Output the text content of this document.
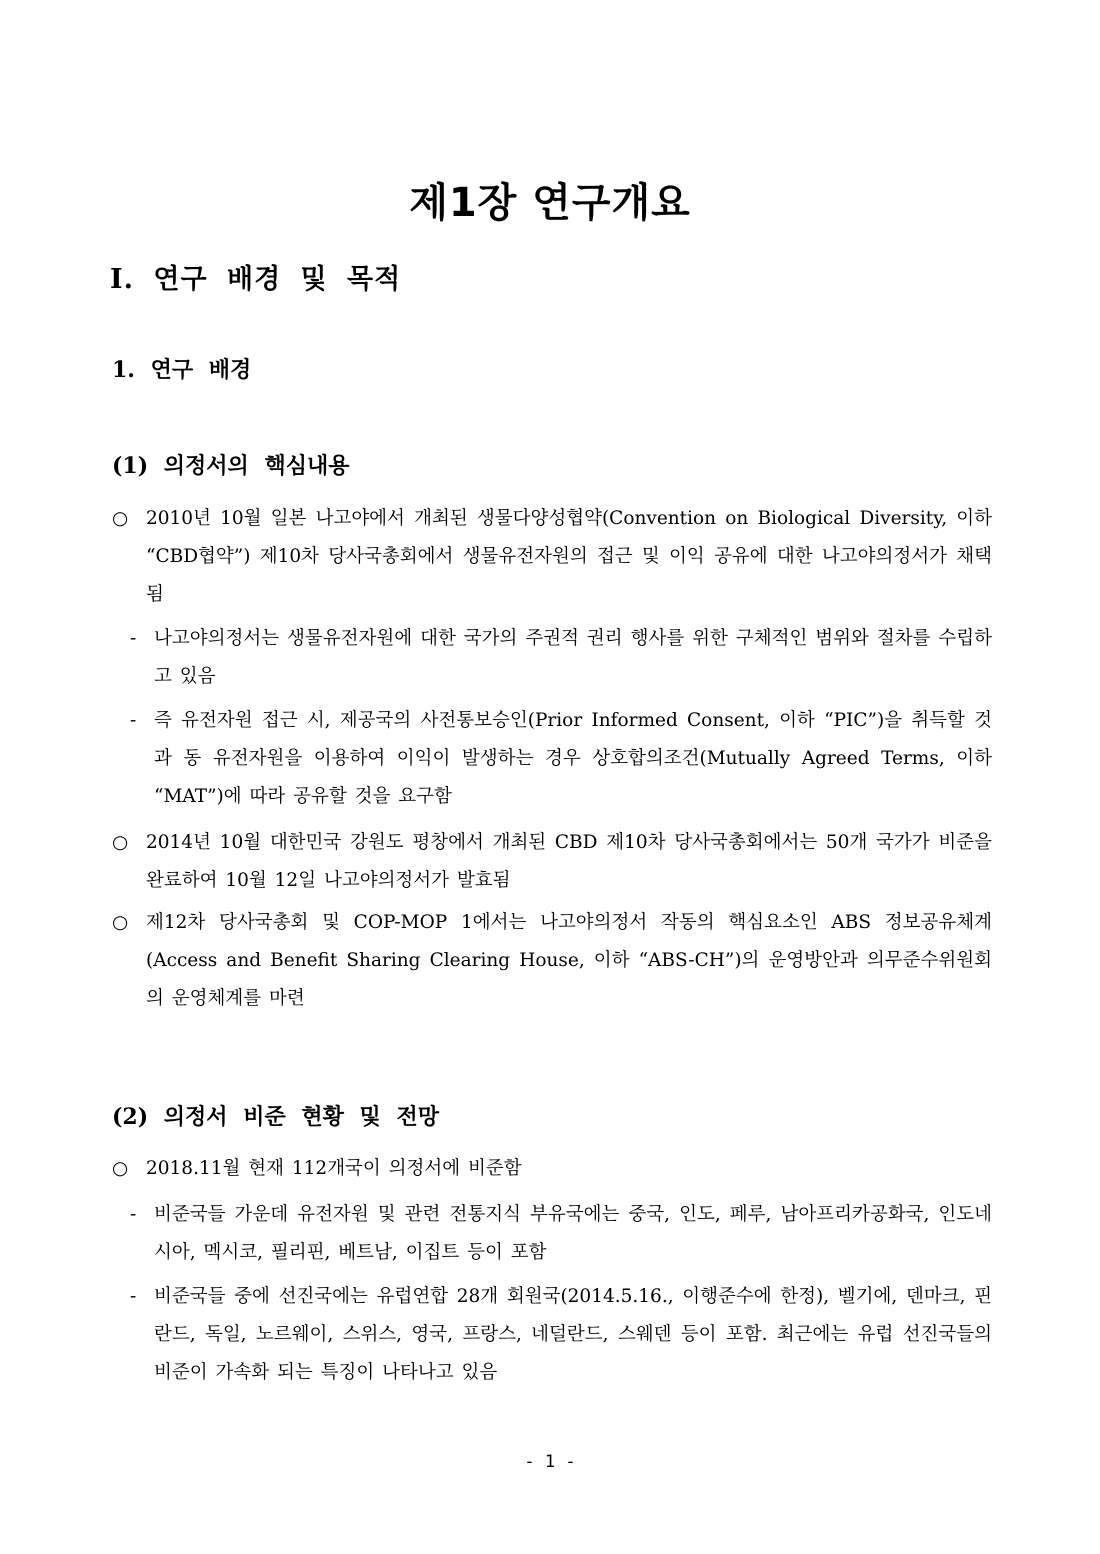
제1장 연구개요
I. 연구 배경 및 목적
1. 연구 배경
(1) 의정서의 핵심내용
○ 2010년 10월 일본 나고야에서 개최된 생물다양성협약(Convention on Biological Diversity, 이하 “CBD협약”) 제10차 당사국총회에서 생물유전자원의 접근 및 이익 공유에 대한 나고야의정서가 채택됨
- 나고야의정서는 생물유전자원에 대한 국가의 주권적 권리 행사를 위한 구체적인 범위와 절차를 수립하고 있음
- 즉 유전자원 접근 시, 제공국의 사전통보승인(Prior Informed Consent, 이하 “PIC”)을 취득할 것과 동 유전자원을 이용하여 이익이 발생하는 경우 상호합의조건(Mutually Agreed Terms, 이하 “MAT”)에 따라 공유할 것을 요구함
○ 2014년 10월 대한민국 강원도 평창에서 개최된 CBD 제10차 당사국총회에서는 50개 국가가 비준을 완료하여 10월 12일 나고야의정서가 발효됨
○ 제12차 당사국총회 및 COP-MOP 1에서는 나고야의정서 작동의 핵심요소인 ABS 정보공유체계(Access and Benefit Sharing Clearing House, 이하 “ABS-CH”)의 운영방안과 의무준수위원회의 운영체계를 마련
(2) 의정서 비준 현황 및 전망
○ 2018.11월 현재 112개국이 의정서에 비준함
- 비준국들 가운데 유전자원 및 관련 전통지식 부유국에는 중국, 인도, 페루, 남아프리카공화국, 인도네시아, 멕시코, 필리핀, 베트남, 이집트 등이 포함
- 비준국들 중에 선진국에는 유럽연합 28개 회원국(2014.5.16., 이행준수에 한정), 벨기에, 덴마크, 핀란드, 독일, 노르웨이, 스위스, 영국, 프랑스, 네덜란드, 스웨덴 등이 포함. 최근에는 유럽 선진국들의 비준이 가속화 되는 특징이 나타나고 있음
- 1 -
